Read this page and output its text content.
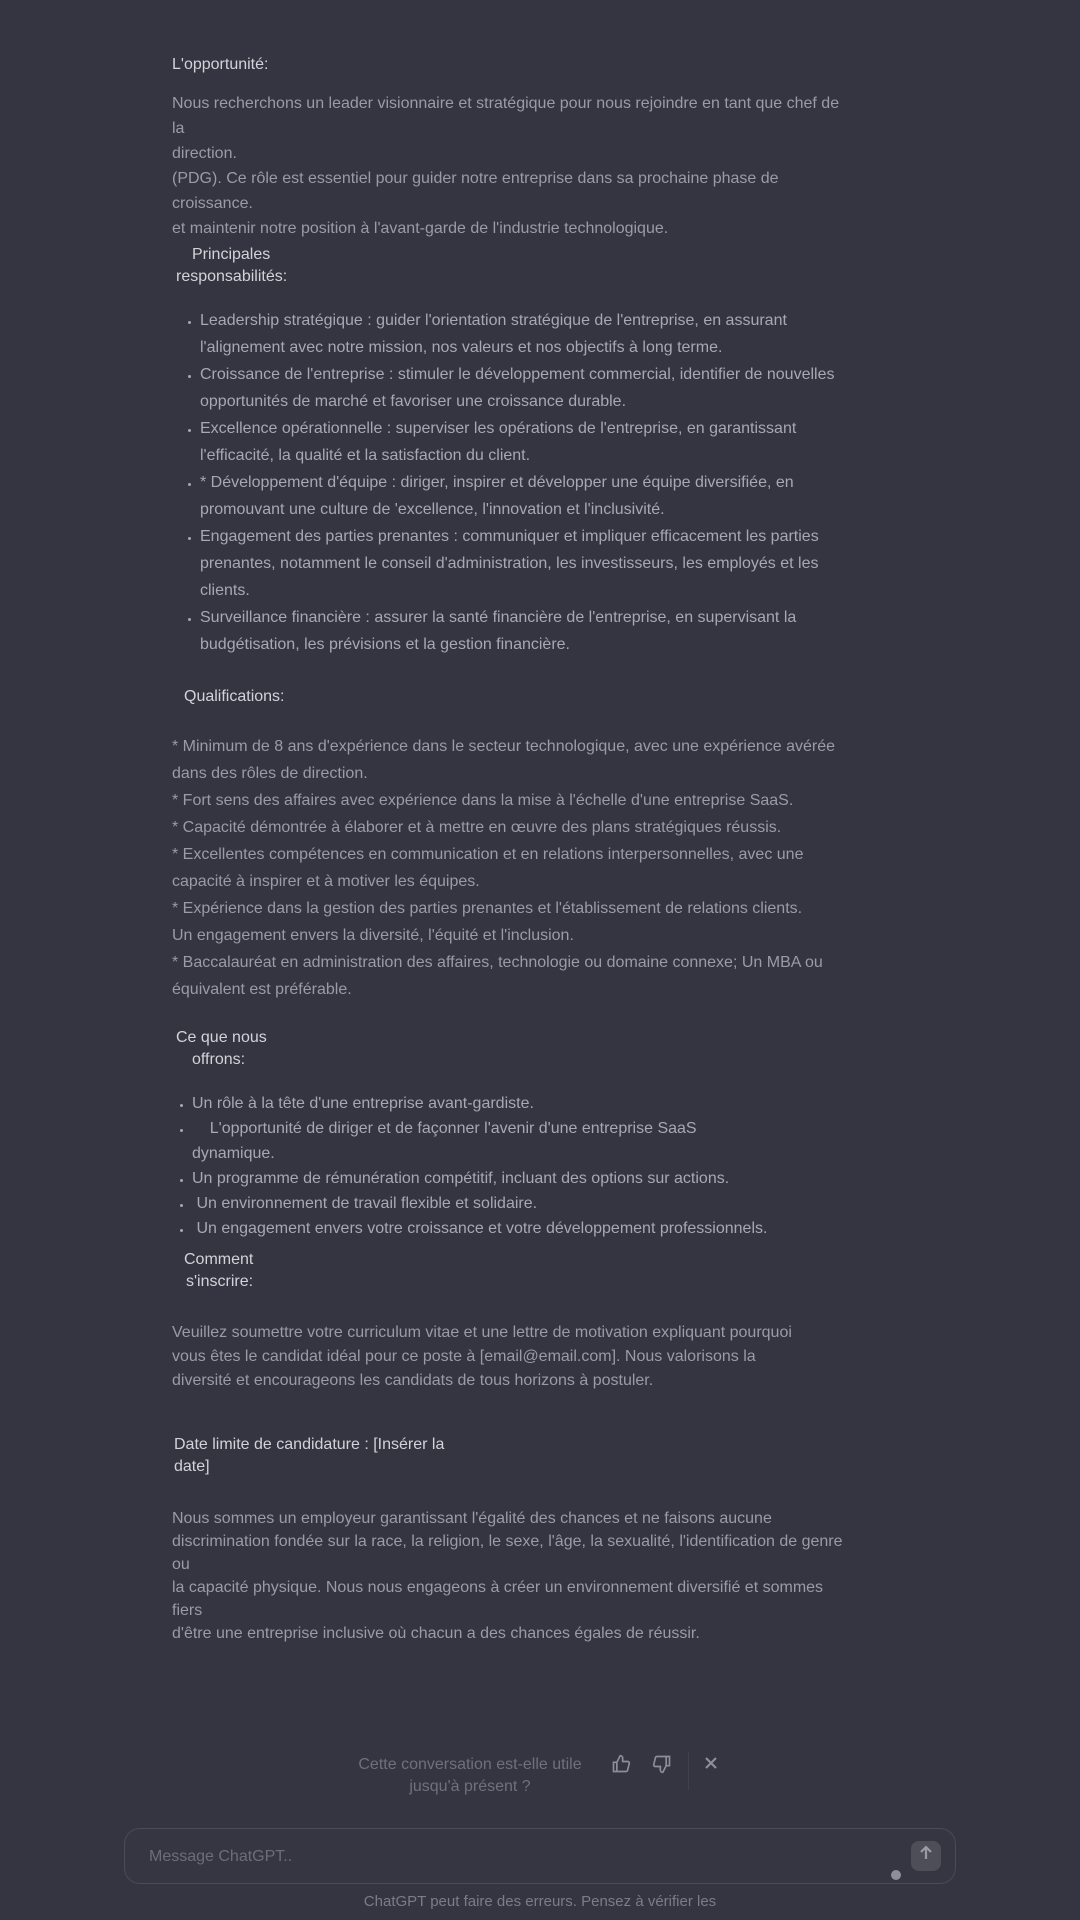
L'opportunité:

Nous recherchons un leader visionnaire et stratégique pour nous rejoindre en tant que chef de la

direction.

(PDG). Ce rôle est essentiel pour guider notre entreprise dans sa prochaine phase de

croissance.

et maintenir notre position à l'avant-garde de l'industrie technologique.

Principales

responsabilités:

• Leadership stratégique : guider l'orientation stratégique de l'entreprise, en assurant l'alignement avec notre mission, nos valeurs et nos objectifs à long terme.
• Croissance de l'entreprise : stimuler le développement commercial, identifier de nouvelles opportunités de marché et favoriser une croissance durable.
• Excellence opérationnelle : superviser les opérations de l'entreprise, en garantissant l'efficacité, la qualité et la satisfaction du client.
• * Développement d'équipe : diriger, inspirer et développer une équipe diversifiée, en promouvant une culture de 'excellence, l'innovation et l'inclusivité.
• Engagement des parties prenantes : communiquer et impliquer efficacement les parties prenantes, notamment le conseil d'administration, les investisseurs, les employés et les clients.
• Surveillance financière : assurer la santé financière de l'entreprise, en supervisant la budgétisation, les prévisions et la gestion financière.

Qualifications:

* Minimum de 8 ans d'expérience dans le secteur technologique, avec une expérience avérée dans des rôles de direction.

* Fort sens des affaires avec expérience dans la mise à l'échelle d'une entreprise SaaS.

* Capacité démontrée à élaborer et à mettre en œuvre des plans stratégiques réussis.

* Excellentes compétences en communication et en relations interpersonnelles, avec une capacité à inspirer et à motiver les équipes.

* Expérience dans la gestion des parties prenantes et l'établissement de relations clients.

Un engagement envers la diversité, l'équité et l'inclusion.

* Baccalauréat en administration des affaires, technologie ou domaine connexe; Un MBA ou équivalent est préférable.

Ce que nous

offrons:

• Un rôle à la tête d'une entreprise avant-gardiste.
•     L'opportunité de diriger et de façonner l'avenir d'une entreprise SaaS dynamique.
• Un programme de rémunération compétitif, incluant des options sur actions.
•  Un environnement de travail flexible et solidaire.
•  Un engagement envers votre croissance et votre développement professionnels.

Comment

s'inscrire:

Veuillez soumettre votre curriculum vitae et une lettre de motivation expliquant pourquoi

vous êtes le candidat idéal pour ce poste à [email@email.com]. Nous valorisons la

diversité et encourageons les candidats de tous horizons à postuler.

Date limite de candidature : [Insérer la

date]

Nous sommes un employeur garantissant l'égalité des chances et ne faisons aucune

discrimination fondée sur la race, la religion, le sexe, l'âge, la sexualité, l'identification de genre ou

la capacité physique. Nous nous engageons à créer un environnement diversifié et sommes fiers

d'être une entreprise inclusive où chacun a des chances égales de réussir.

Cette conversation est-elle utile
jusqu'à présent ?
Message ChatGPT..
ChatGPT peut faire des erreurs. Pensez à vérifier les
